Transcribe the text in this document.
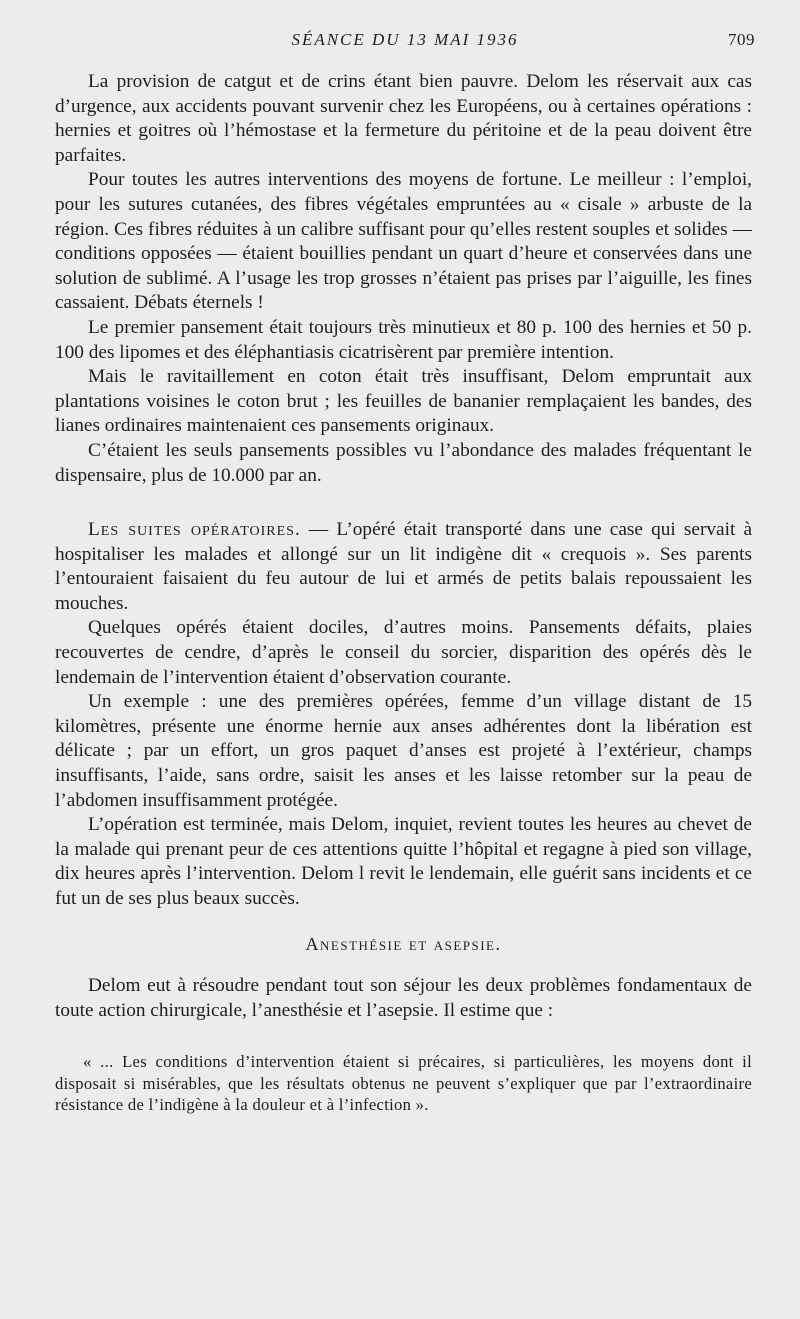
SÉANCE DU 13 MAI 1936	709

La provision de catgut et de crins étant bien pauvre. Delom les réservait aux cas d’urgence, aux accidents pouvant survenir chez les Européens, ou à certaines opérations : hernies et goitres où l’hémostase et la fermeture du péritoine et de la peau doivent être parfaites.

Pour toutes les autres interventions des moyens de fortune. Le meilleur : l’emploi, pour les sutures cutanées, des fibres végétales empruntées au « cisale » arbuste de la région. Ces fibres réduites à un calibre suffisant pour qu’elles restent souples et solides — conditions opposées — étaient bouillies pendant un quart d’heure et conservées dans une solution de sublimé. A l’usage les trop grosses n’étaient pas prises par l’aiguille, les fines cassaient. Débats éternels !

Le premier pansement était toujours très minutieux et 80 p. 100 des hernies et 50 p. 100 des lipomes et des éléphantiasis cicatrisèrent par première intention.

Mais le ravitaillement en coton était très insuffisant, Delom empruntait aux plantations voisines le coton brut ; les feuilles de bananier remplaçaient les bandes, des lianes ordinaires maintenaient ces pansements originaux.

C’étaient les seuls pansements possibles vu l’abondance des malades fréquentant le dispensaire, plus de 10.000 par an.

Les suites opératoires. — L’opéré était transporté dans une case qui servait à hospitaliser les malades et allongé sur un lit indigène dit « crequois ». Ses parents l’entouraient faisaient du feu autour de lui et armés de petits balais repoussaient les mouches.

Quelques opérés étaient dociles, d’autres moins. Pansements défaits, plaies recouvertes de cendre, d’après le conseil du sorcier, disparition des opérés dès le lendemain de l’intervention étaient d’observation courante.

Un exemple : une des premières opérées, femme d’un village distant de 15 kilomètres, présente une énorme hernie aux anses adhérentes dont la libération est délicate ; par un effort, un gros paquet d’anses est projeté à l’extérieur, champs insuffisants, l’aide, sans ordre, saisit les anses et les laisse retomber sur la peau de l’abdomen insuffisamment protégée.

L’opération est terminée, mais Delom, inquiet, revient toutes les heures au chevet de la malade qui prenant peur de ces attentions quitte l’hôpital et regagne à pied son village, dix heures après l’intervention. Delom l revit le lendemain, elle guérit sans incidents et ce fut un de ses plus beaux succès.

Anesthésie et asepsie.

Delom eut à résoudre pendant tout son séjour les deux problèmes fondamentaux de toute action chirurgicale, l’anesthésie et l’asepsie. Il estime que :

« ... Les conditions d’intervention étaient si précaires, si particulières, les moyens dont il disposait si misérables, que les résultats obtenus ne peuvent s’expliquer que par l’extraordinaire résistance de l’indigène à la douleur et à l’infection ».
